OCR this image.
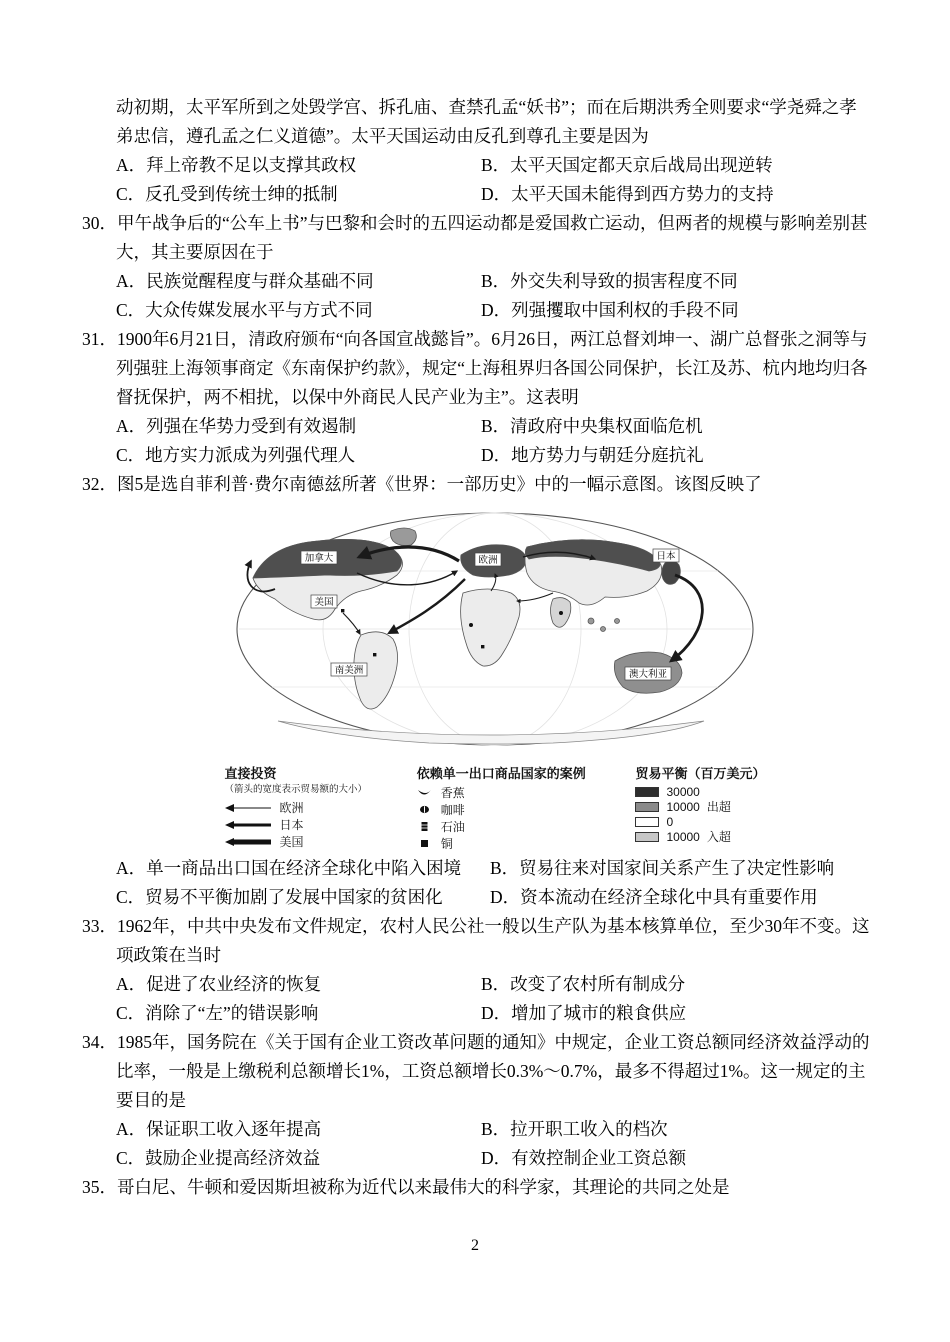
动初期，太平军所到之处毁学宫、拆孔庙、查禁孔孟“妖书”；而在后期洪秀全则要求“学尧舜之孝弟忠信，遵孔孟之仁义道德”。太平天国运动由反孔到尊孔主要是因为

A．拜上帝教不足以支撑其政权	B．太平天国定都天京后战局出现逆转
C．反孔受到传统士绅的抵制	D．太平天国未能得到西方势力的支持

30．甲午战争后的“公车上书”与巴黎和会时的五四运动都是爱国救亡运动，但两者的规模与影响差别甚大，其主要原因在于

A．民族觉醒程度与群众基础不同	B．外交失利导致的损害程度不同
C．大众传媒发展水平与方式不同	D．列强攫取中国利权的手段不同

31．1900年6月21日，清政府颁布“向各国宣战懿旨”。6月26日，两江总督刘坤一、湖广总督张之洞等与列强驻上海领事商定《东南保护约款》，规定“上海租界归各国公同保护，长江及苏、杭内地均归各督抚保护，两不相扰，以保中外商民人民产业为主”。这表明

A．列强在华势力受到有效遏制	B．清政府中央集权面临危机
C．地方实力派成为列强代理人	D．地方势力与朝廷分庭抗礼

32．图5是选自菲利普·费尔南德兹所著《世界：一部历史》中的一幅示意图。该图反映了

加拿大
美国
欧洲	日本
南美洲	澳大利亚
直接投资
（箭头的宽度表示贸易额的大小）
欧洲
日本
美国
依赖单一出口商品国家的案例
香蕉
咖啡
石油
铜
贸易平衡（百万美元）
30000
10000 出超
0
10000 入超
A．单一商品出口国在经济全球化中陷入困境 B．贸易往来对国家间关系产生了决定性影响
C．贸易不平衡加剧了发展中国家的贫困化	D．资本流动在经济全球化中具有重要作用

33．1962年，中共中央发布文件规定，农村人民公社一般以生产队为基本核算单位，至少30年不变。这项政策在当时

A．促进了农业经济的恢复	B．改变了农村所有制成分
C．消除了“左”的错误影响	D．增加了城市的粮食供应

34．1985年，国务院在《关于国有企业工资改革问题的通知》中规定，企业工资总额同经济效益浮动的比率，一般是上缴税利总额增长1%，工资总额增长0.3%～0.7%，最多不得超过1%。这一规定的主要目的是

A．保证职工收入逐年提高	B．拉开职工收入的档次
C．鼓励企业提高经济效益	D．有效控制企业工资总额

35．哥白尼、牛顿和爱因斯坦被称为近代以来最伟大的科学家，其理论的共同之处是

2
